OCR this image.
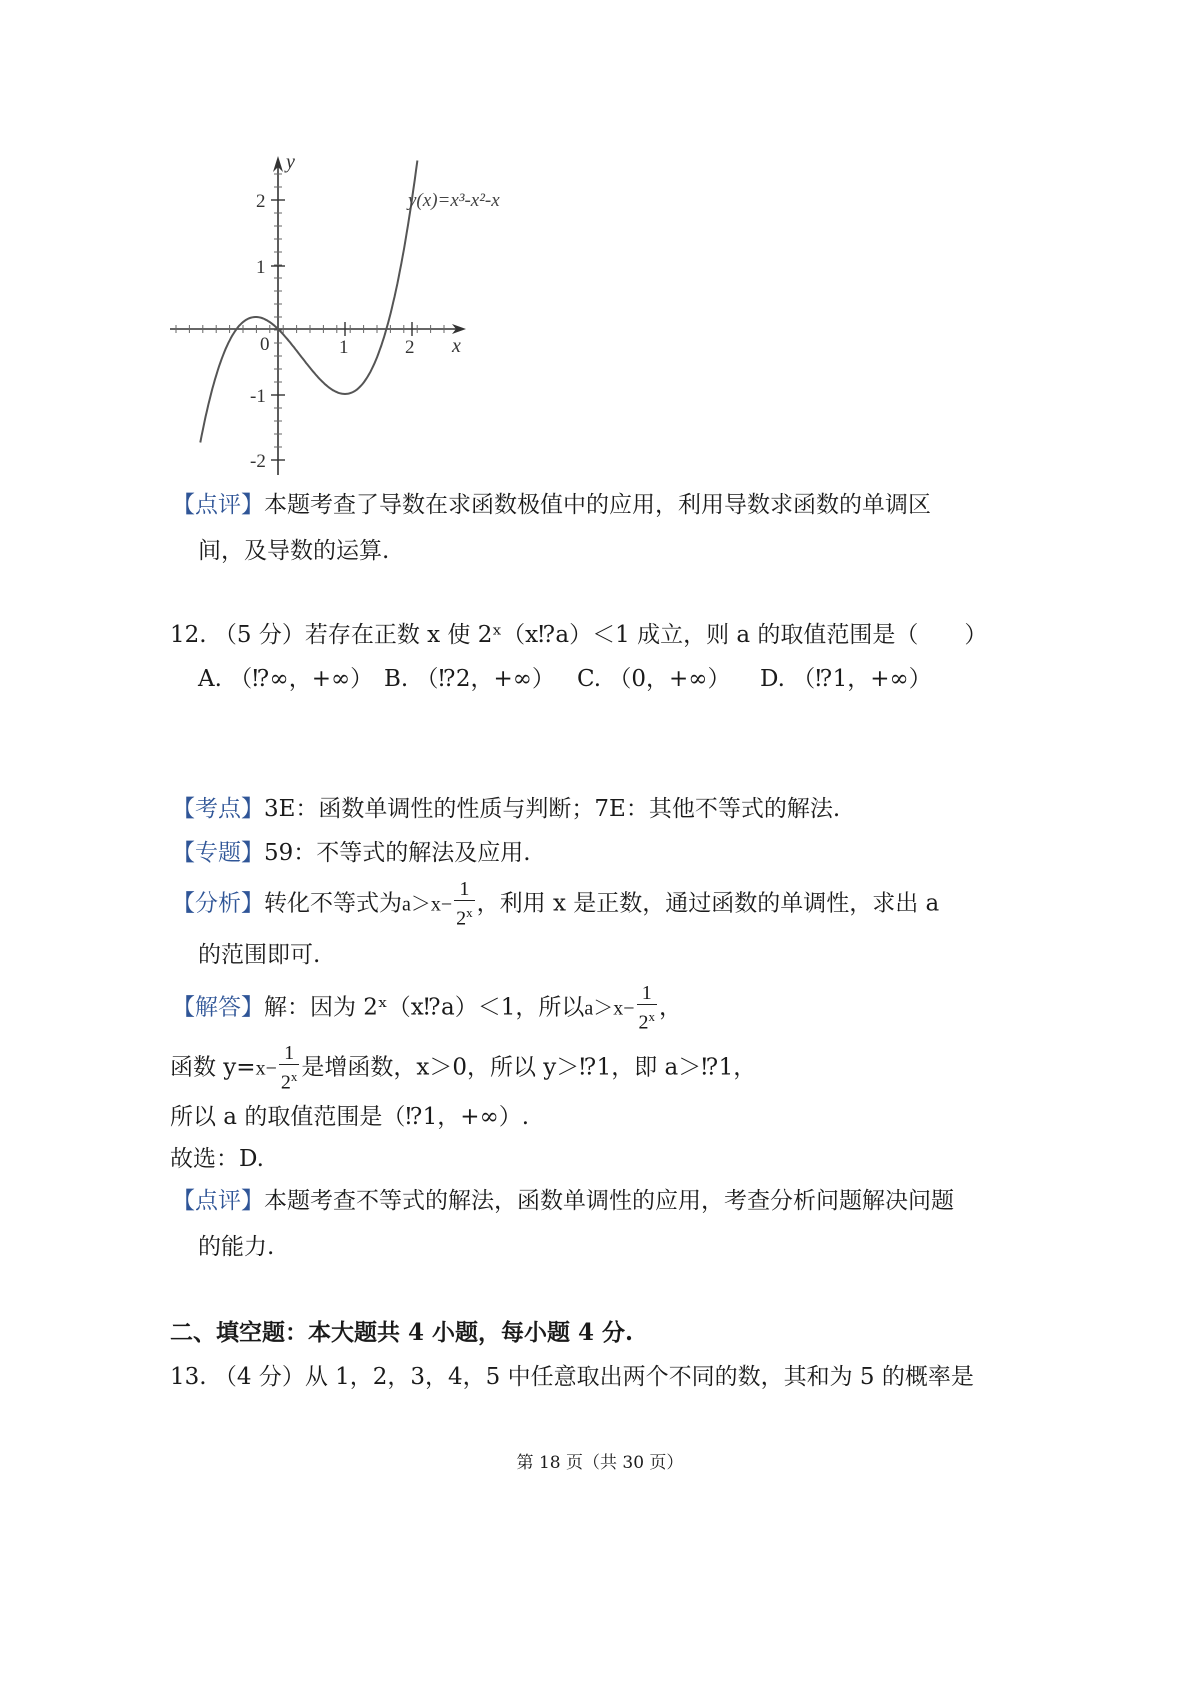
y
x
0	1	2
2
1
-1
-2
y(x)=x³-x²-x
【点评】本题考查了导数在求函数极值中的应用，利用导数求函数的单调区
间，及导数的运算.
12. （5 分）若存在正数 x 使 2ˣ（x⁉a）＜1 成立，则 a 的取值范围是（　　）
A. （⁉∞，+∞） B. （⁉2，+∞） C. （0，+∞） D. （⁉1，+∞）
【考点】3E：函数单调性的性质与判断；7E：其他不等式的解法.
【专题】59：不等式的解法及应用.
【分析】转化不等式为$a>x- \frac{1}{2^x}$ ，利用 x 是正数，通过函数的单调性，求出 a
的范围即可.
【解答】解：因为 2ˣ（x⁉a）＜1，所以$a>x- \frac{1}{2^x}$ ，
函数 $y=x- \frac{1}{2^x}$ 是增函数，x＞0，所以 y＞⁉1，即 a＞⁉1，
所以 a 的取值范围是（⁉1，+∞）.
故选：D.
【点评】本题考查不等式的解法，函数单调性的应用，考查分析问题解决问题
的能力.
二、填空题：本大题共 4 小题，每小题 4 分.
13. （4 分）从 1，2，3，4，5 中任意取出两个不同的数，其和为 5 的概率是
第 18 页（共 30 页）
